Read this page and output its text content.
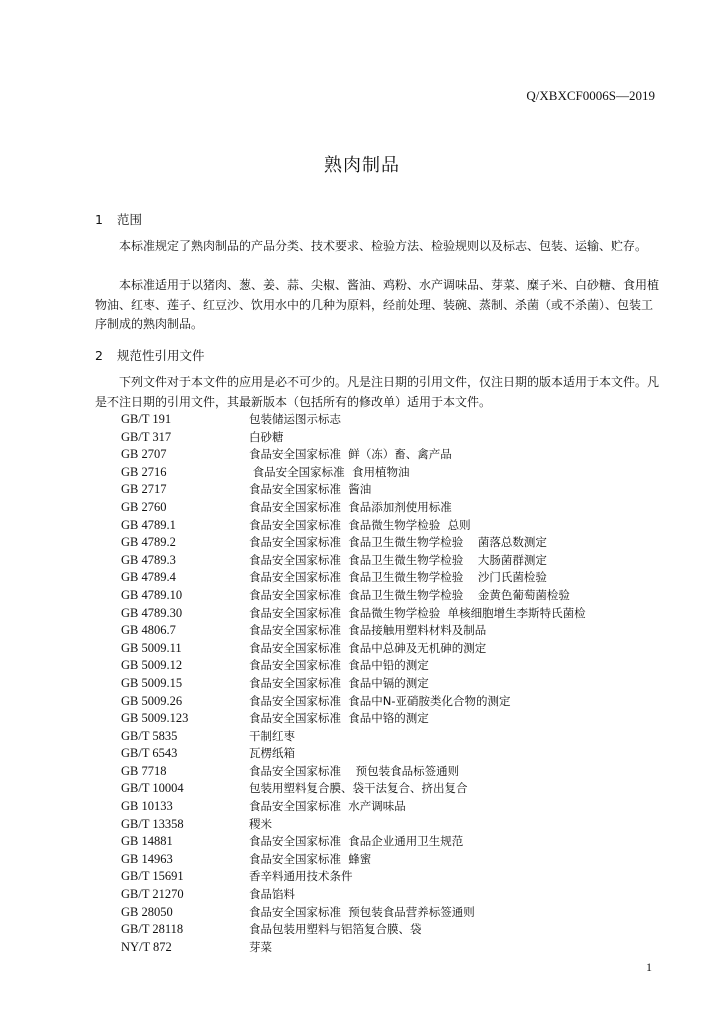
Q/XBXCF0006S—2019
熟肉制品
1 范围
本标准规定了熟肉制品的产品分类、技术要求、检验方法、检验规则以及标志、包装、运输、贮存。
本标准适用于以猪肉、葱、姜、蒜、尖椒、酱油、鸡粉、水产调味品、芽菜、糜子米、白砂糖、食用植物油、红枣、莲子、红豆沙、饮用水中的几种为原料，经前处理、装碗、蒸制、杀菌（或不杀菌）、包装工序制成的熟肉制品。
2 规范性引用文件
下列文件对于本文件的应用是必不可少的。凡是注日期的引用文件，仅注日期的版本适用于本文件。凡是不注日期的引用文件，其最新版本（包括所有的修改单）适用于本文件。
GB/T 191	包装储运图示标志
GB/T 317	白砂糖
GB 2707	食品安全国家标准  鲜（冻）畜、禽产品
GB 2716	食品安全国家标准  食用植物油
GB 2717	食品安全国家标准  酱油
GB 2760	食品安全国家标准  食品添加剂使用标准
GB 4789.1	食品安全国家标准  食品微生物学检验  总则
GB 4789.2	食品安全国家标准  食品卫生微生物学检验    菌落总数测定
GB 4789.3	食品安全国家标准  食品卫生微生物学检验    大肠菌群测定
GB 4789.4	食品安全国家标准  食品卫生微生物学检验    沙门氏菌检验
GB 4789.10	食品安全国家标准  食品卫生微生物学检验    金黄色葡萄菌检验
GB 4789.30	食品安全国家标准  食品微生物学检验  单核细胞增生李斯特氏菌检
GB 4806.7	食品安全国家标准  食品接触用塑料材料及制品
GB 5009.11	食品安全国家标准  食品中总砷及无机砷的测定
GB 5009.12	食品安全国家标准  食品中铅的测定
GB 5009.15	食品安全国家标准  食品中镉的测定
GB 5009.26	食品安全国家标准  食品中N-亚硝胺类化合物的测定
GB 5009.123	食品安全国家标准  食品中铬的测定
GB/T 5835	干制红枣
GB/T 6543	瓦楞纸箱
GB 7718	食品安全国家标准    预包装食品标签通则
GB/T 10004	包装用塑料复合膜、袋干法复合、挤出复合
GB 10133	食品安全国家标准  水产调味品
GB/T 13358	稷米
GB 14881	食品安全国家标准  食品企业通用卫生规范
GB 14963	食品安全国家标准  蜂蜜
GB/T 15691	香辛料通用技术条件
GB/T 21270	食品馅料
GB 28050	食品安全国家标准  预包装食品营养标签通则
GB/T 28118	食品包装用塑料与铝箔复合膜、袋
NY/T 872	芽菜
1
